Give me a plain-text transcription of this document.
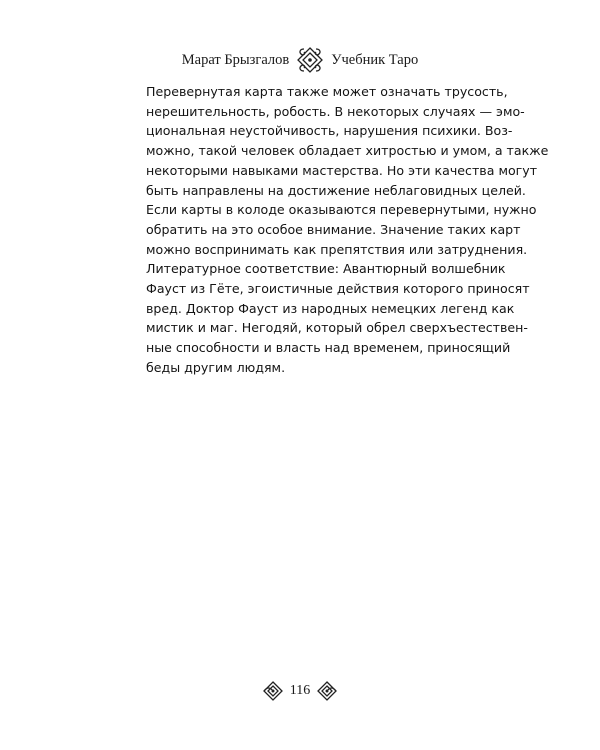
Марат Брызгалов	Учебник Таро

Перевернутая карта также может означать трусость,
нерешительность, робость. В некоторых случаях — эмо-
циональная неустойчивость, нарушения психики. Воз-
можно, такой человек обладает хитростью и умом, а также
некоторыми навыками мастерства. Но эти качества могут
быть направлены на достижение неблаговидных целей.
Если карты в колоде оказываются перевернутыми, нужно
обратить на это особое внимание. Значение таких карт
можно воспринимать как препятствия или затруднения.

Литературное соответствие: Авантюрный волшебник
Фауст из Гёте, эгоистичные действия которого приносят
вред. Доктор Фауст из народных немецких легенд как
мистик и маг. Негодяй, который обрел сверхъестествен-
ные способности и власть над временем, приносящий
беды другим людям.

116
